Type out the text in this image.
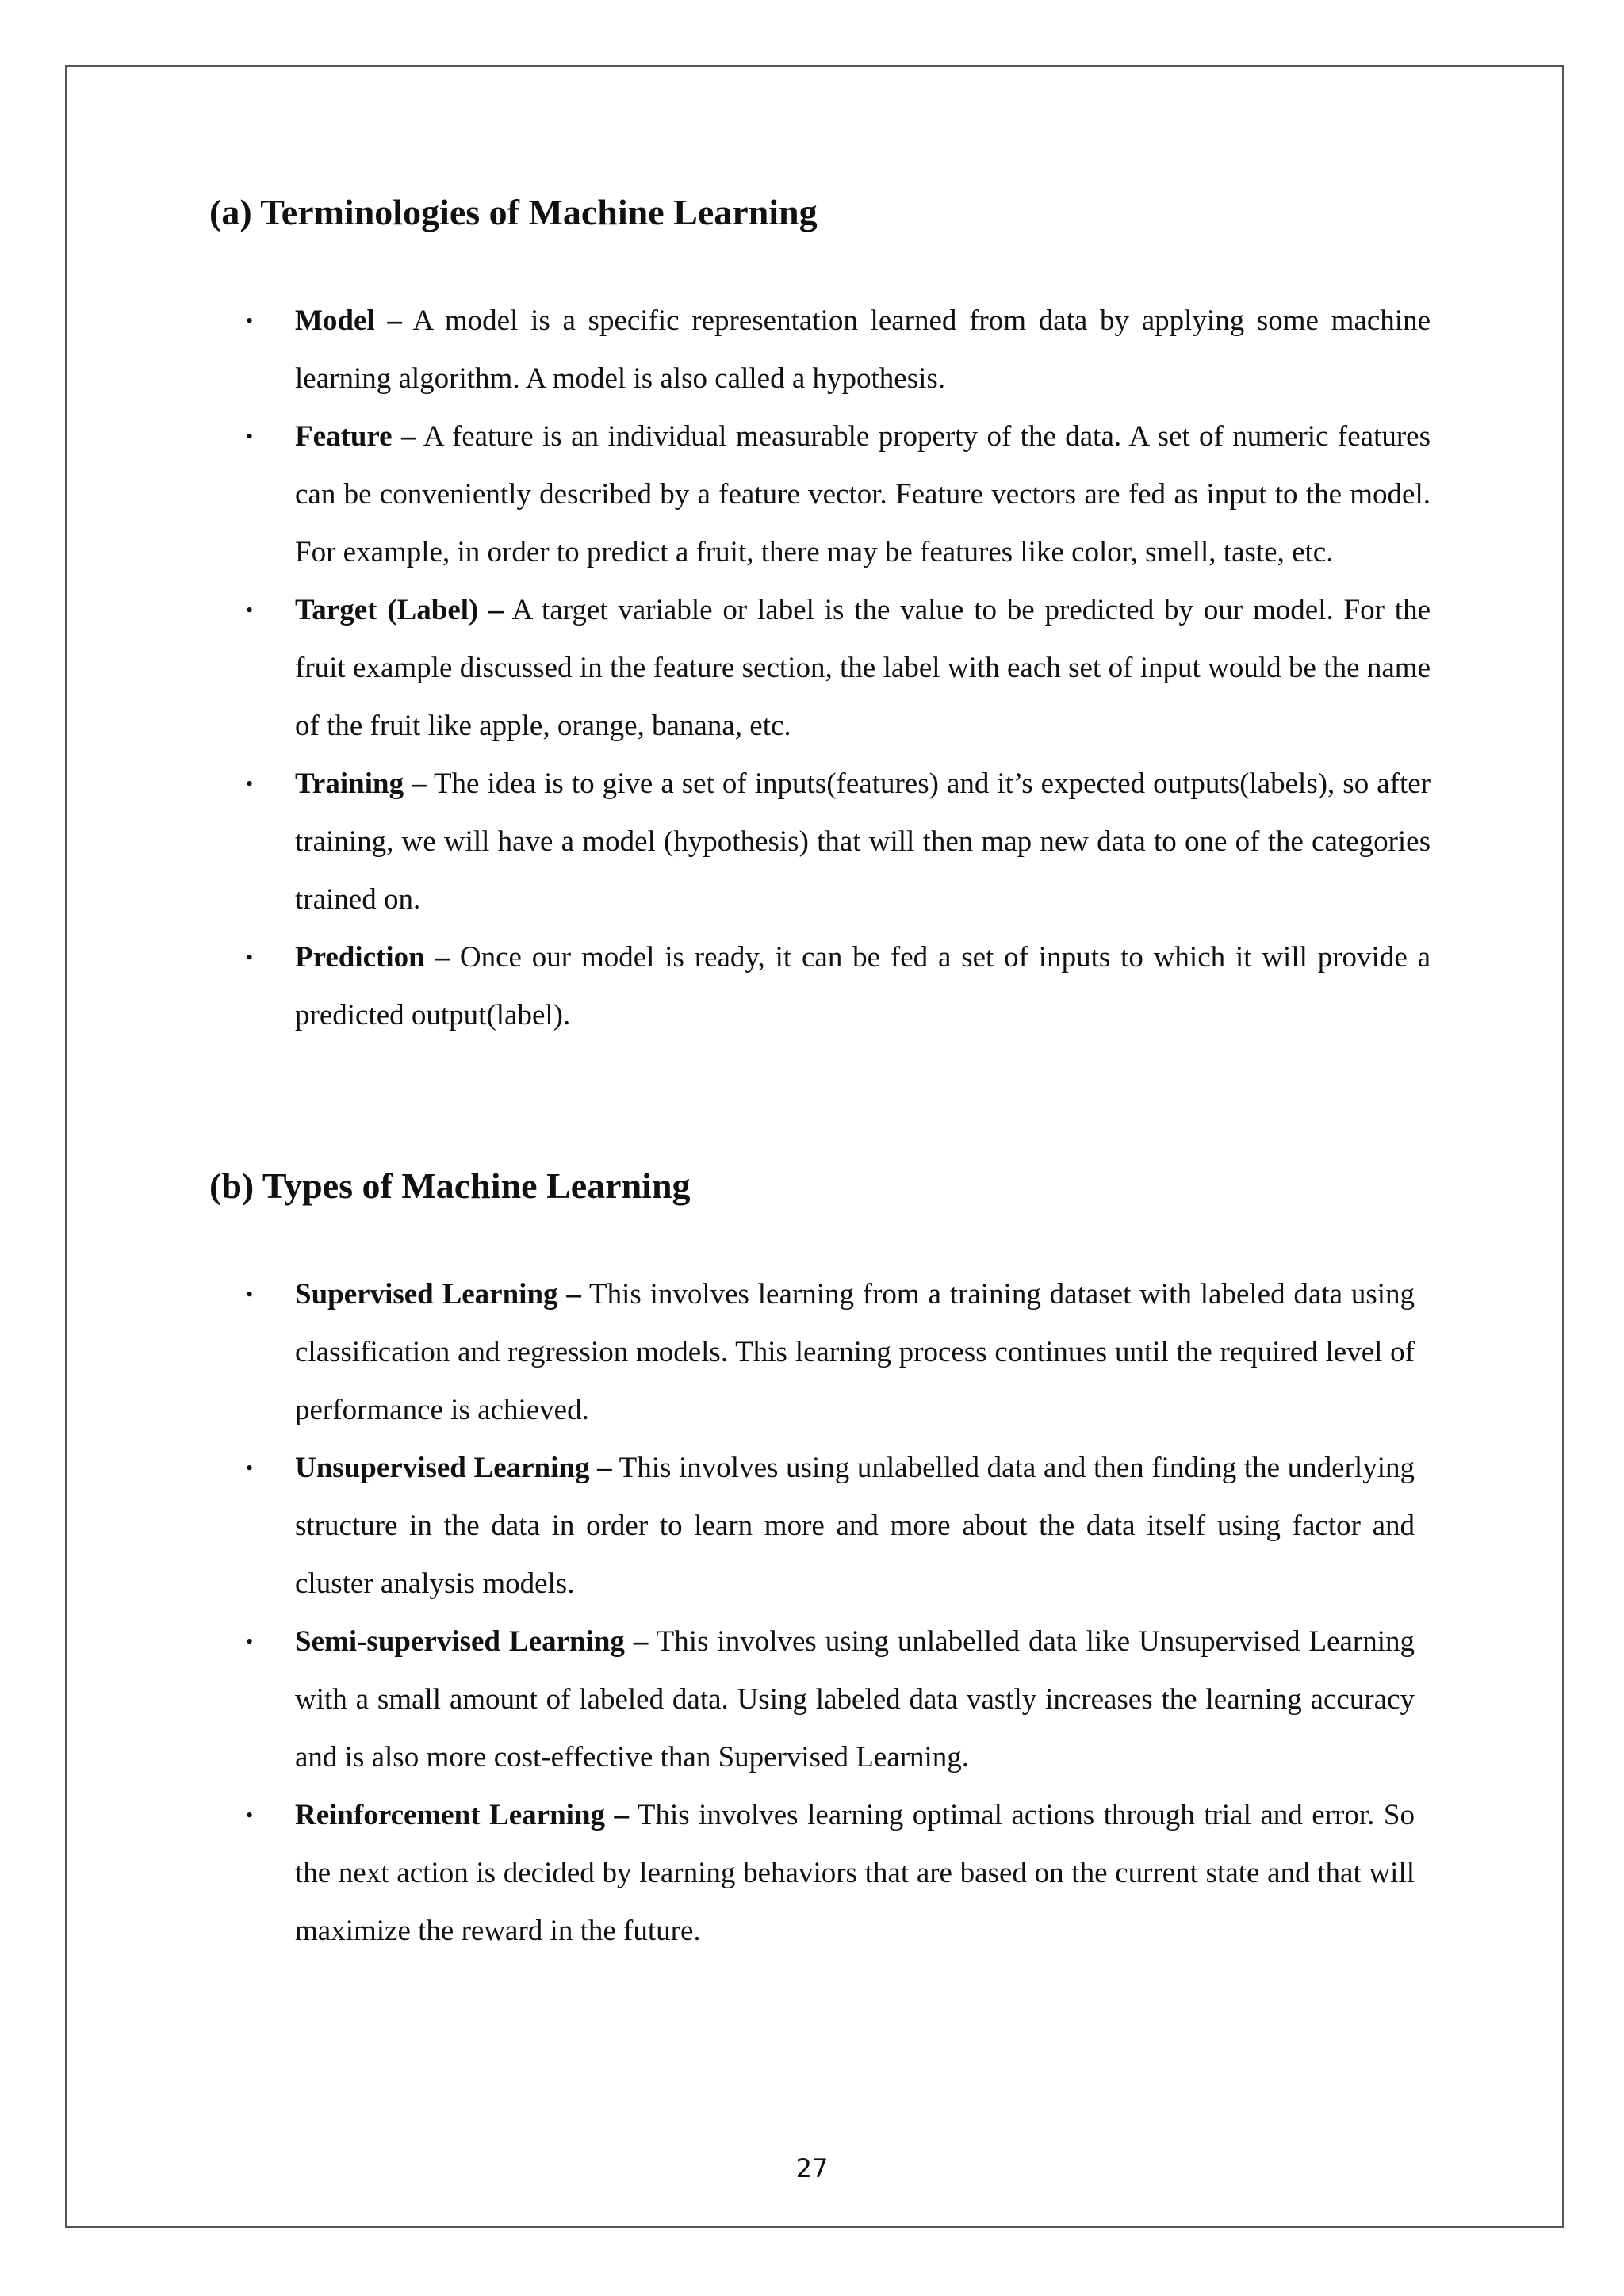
(a) Terminologies of Machine Learning
• Model – A model is a specific representation learned from data by applying some machine learning algorithm. A model is also called a hypothesis.
• Feature – A feature is an individual measurable property of the data. A set of numeric features can be conveniently described by a feature vector. Feature vectors are fed as input to the model. For example, in order to predict a fruit, there may be features like color, smell, taste, etc.
• Target (Label) – A target variable or label is the value to be predicted by our model. For the fruit example discussed in the feature section, the label with each set of input would be the name of the fruit like apple, orange, banana, etc.
• Training – The idea is to give a set of inputs(features) and it’s expected outputs(labels), so after training, we will have a model (hypothesis) that will then map new data to one of the categories trained on.
• Prediction – Once our model is ready, it can be fed a set of inputs to which it will provide a predicted output(label).
(b) Types of Machine Learning
• Supervised Learning – This involves learning from a training dataset with labeled data using classification and regression models. This learning process continues until the required level of performance is achieved.
• Unsupervised Learning – This involves using unlabelled data and then finding the underlying structure in the data in order to learn more and more about the data itself using factor and cluster analysis models.
• Semi-supervised Learning – This involves using unlabelled data like Unsupervised Learning with a small amount of labeled data. Using labeled data vastly increases the learning accuracy and is also more cost-effective than Supervised Learning.
• Reinforcement Learning – This involves learning optimal actions through trial and error. So the next action is decided by learning behaviors that are based on the current state and that will maximize the reward in the future.
27
